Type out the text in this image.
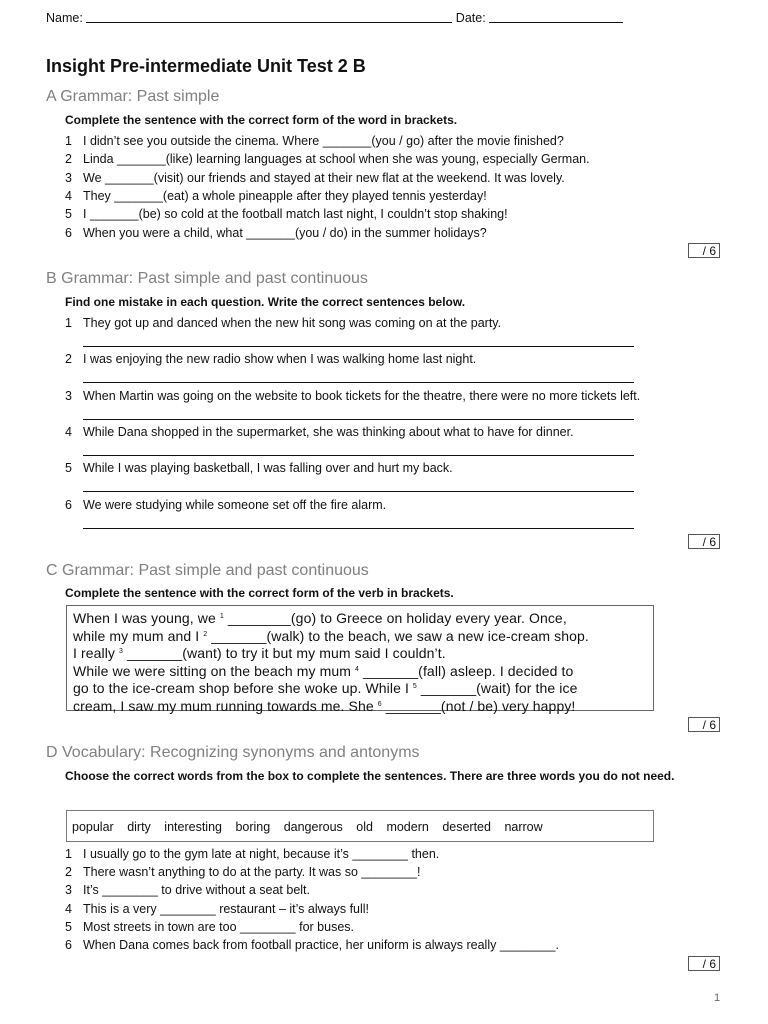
Name:	Date:
Insight Pre-intermediate Unit Test 2 B
A Grammar: Past simple
Complete the sentence with the correct form of the word in brackets.
1 I didn’t see you outside the cinema. Where _______(you / go) after the movie finished?
2 Linda _______(like) learning languages at school when she was young, especially German.
3 We _______(visit) our friends and stayed at their new flat at the weekend. It was lovely.
4 They _______(eat) a whole pineapple after they played tennis yesterday!
5 I _______(be) so cold at the football match last night, I couldn’t stop shaking!
6 When you were a child, what _______(you / do) in the summer holidays?
/ 6
B Grammar: Past simple and past continuous
Find one mistake in each question. Write the correct sentences below.
1 They got up and danced when the new hit song was coming on at the party.
2 I was enjoying the new radio show when I was walking home last night.
3 When Martin was going on the website to book tickets for the theatre, there were no more tickets left.
4 While Dana shopped in the supermarket, she was thinking about what to have for dinner.
5 While I was playing basketball, I was falling over and hurt my back.
6 We were studying while someone set off the fire alarm.
/ 6
C Grammar: Past simple and past continuous
Complete the sentence with the correct form of the verb in brackets.
When I was young, we $^1$ ________(go) to Greece on holiday every year. Once,
while my mum and I $^2$ _______(walk) to the beach, we saw a new ice-cream shop.
I really $^3$ _______(want) to try it but my mum said I couldn’t.
While we were sitting on the beach my mum $^4$ _______(fall) asleep. I decided to
go to the ice-cream shop before she woke up. While I $^5$ _______(wait) for the ice
cream, I saw my mum running towards me. She $^6$ _______(not / be) very happy!
/ 6
D Vocabulary: Recognizing synonyms and antonyms
Choose the correct words from the box to complete the sentences. There are three words you do not need.
popular dirty interesting boring dangerous old modern deserted narrow
1 I usually go to the gym late at night, because it’s ________ then.
2 There wasn’t anything to do at the party. It was so ________!
3 It’s ________ to drive without a seat belt.
4 This is a very ________ restaurant – it’s always full!
5 Most streets in town are too ________ for buses.
6 When Dana comes back from football practice, her uniform is always really ________.
/ 6
1
